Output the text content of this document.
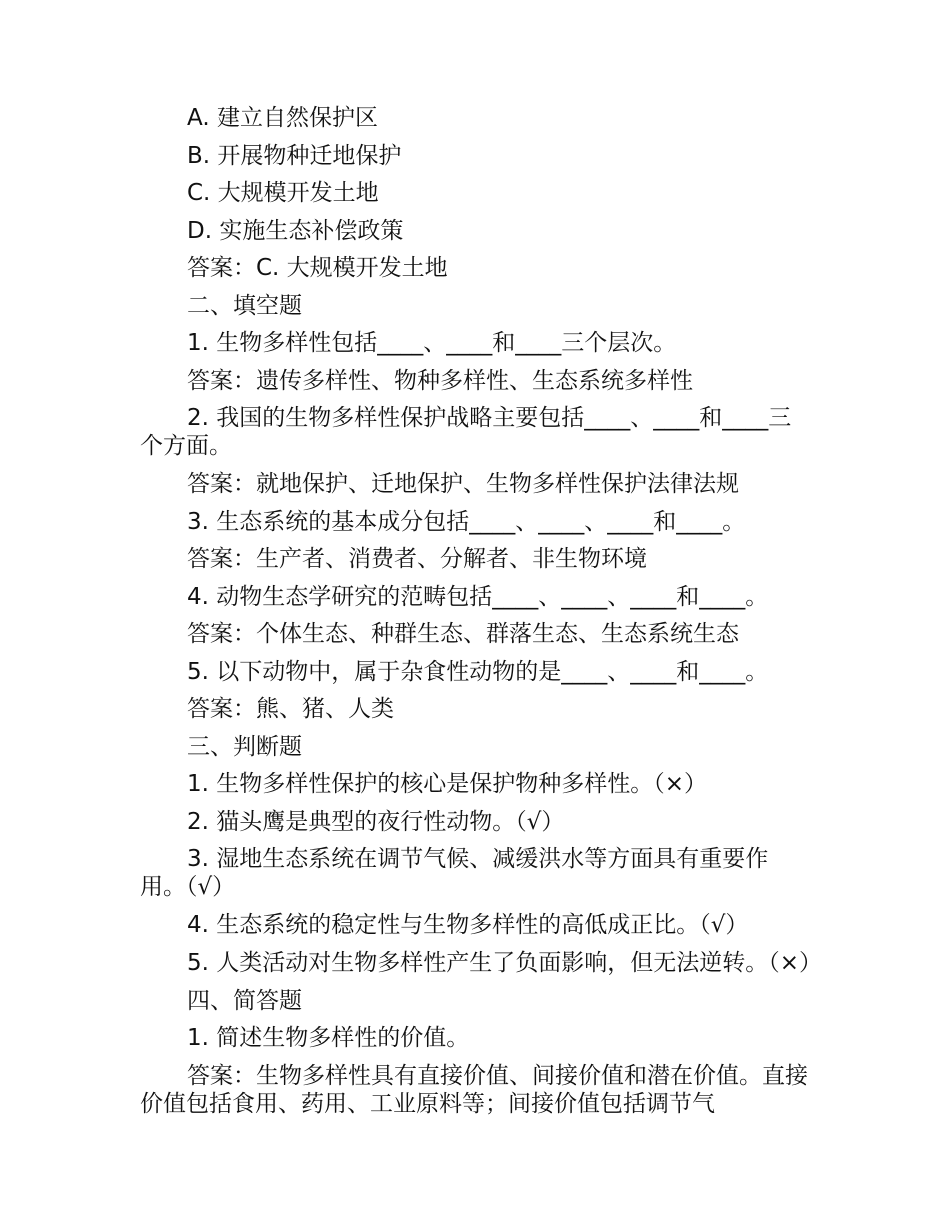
A. 建立自然保护区
B. 开展物种迁地保护
C. 大规模开发土地
D. 实施生态补偿政策
答案：C. 大规模开发土地
二、填空题
1. 生物多样性包括____、____和____三个层次。
答案：遗传多样性、物种多样性、生态系统多样性
2. 我国的生物多样性保护战略主要包括____、____和____三个方面。
答案：就地保护、迁地保护、生物多样性保护法律法规
3. 生态系统的基本成分包括____、____、____和____。
答案：生产者、消费者、分解者、非生物环境
4. 动物生态学研究的范畴包括____、____、____和____。
答案：个体生态、种群生态、群落生态、生态系统生态
5. 以下动物中，属于杂食性动物的是____、____和____。
答案：熊、猪、人类
三、判断题
1. 生物多样性保护的核心是保护物种多样性。（×）
2. 猫头鹰是典型的夜行性动物。（√）
3. 湿地生态系统在调节气候、减缓洪水等方面具有重要作用。（√）
4. 生态系统的稳定性与生物多样性的高低成正比。（√）
5. 人类活动对生物多样性产生了负面影响，但无法逆转。（×）
四、简答题
1. 简述生物多样性的价值。
答案：生物多样性具有直接价值、间接价值和潜在价值。直接价值包括食用、药用、工业原料等；间接价值包括调节气
